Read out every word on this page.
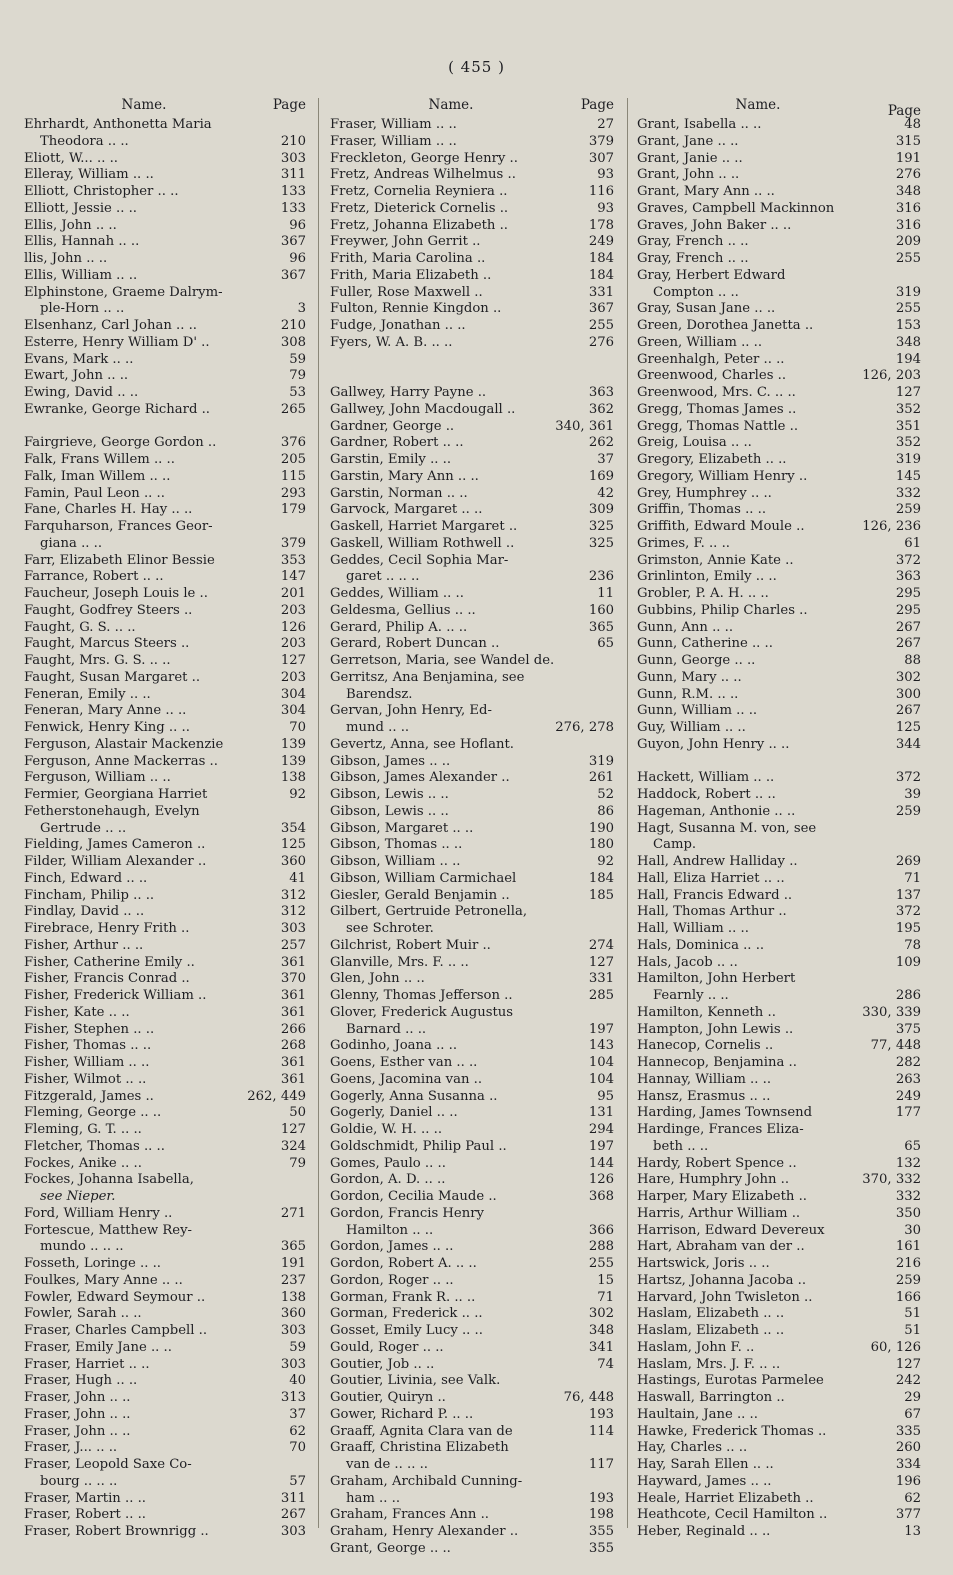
( 455 )
Name.	Page
Ehrhardt, Anthonetta Maria
Theodora .. ..	210
Eliott, W... .. ..	303
Elleray, William .. ..	311
Elliott, Christopher .. ..	133
Elliott, Jessie .. ..	133
Ellis, John .. ..	96
Ellis, Hannah .. ..	367
llis, John .. ..	96
Ellis, William .. ..	367
Elphinstone, Graeme Dalrym-
ple-Horn .. ..	3
Elsenhanz, Carl Johan .. ..	210
Esterre, Henry William D' ..	308
Evans, Mark .. ..	59
Ewart, John .. ..	79
Ewing, David .. ..	53
Ewranke, George Richard ..	265
Fairgrieve, George Gordon ..	376
Falk, Frans Willem .. ..	205
Falk, Iman Willem .. ..	115
Famin, Paul Leon .. ..	293
Fane, Charles H. Hay .. ..	179
Farquharson, Frances Geor-
giana .. ..	379
Farr, Elizabeth Elinor Bessie	353
Farrance, Robert .. ..	147
Faucheur, Joseph Louis le ..	201
Faught, Godfrey Steers ..	203
Faught, G. S. .. ..	126
Faught, Marcus Steers ..	203
Faught, Mrs. G. S. .. ..	127
Faught, Susan Margaret ..	203
Feneran, Emily .. ..	304
Feneran, Mary Anne .. ..	304
Fenwick, Henry King .. ..	70
Ferguson, Alastair Mackenzie	139
Ferguson, Anne Mackerras ..	139
Ferguson, William .. ..	138
Fermier, Georgiana Harriet	92
Fetherstonehaugh, Evelyn
Gertrude .. ..	354
Fielding, James Cameron ..	125
Filder, William Alexander ..	360
Finch, Edward .. ..	41
Fincham, Philip .. ..	312
Findlay, David .. ..	312
Firebrace, Henry Frith ..	303
Fisher, Arthur .. ..	257
Fisher, Catherine Emily ..	361
Fisher, Francis Conrad ..	370
Fisher, Frederick William ..	361
Fisher, Kate .. ..	361
Fisher, Stephen .. ..	266
Fisher, Thomas .. ..	268
Fisher, William .. ..	361
Fisher, Wilmot .. ..	361
Fitzgerald, James ..	262, 449
Fleming, George .. ..	50
Fleming, G. T. .. ..	127
Fletcher, Thomas .. ..	324
Fockes, Anike .. ..	79
Fockes, Johanna Isabella,
see Nieper.
Ford, William Henry ..	271
Fortescue, Matthew Rey-
mundo .. .. ..	365
Fosseth, Loringe .. ..	191
Foulkes, Mary Anne .. ..	237
Fowler, Edward Seymour ..	138
Fowler, Sarah .. ..	360
Fraser, Charles Campbell ..	303
Fraser, Emily Jane .. ..	59
Fraser, Harriet .. ..	303
Fraser, Hugh .. ..	40
Fraser, John .. ..	313
Fraser, John .. ..	37
Fraser, John .. ..	62
Fraser, J... .. ..	70
Fraser, Leopold Saxe Co-
bourg .. .. ..	57
Fraser, Martin .. ..	311
Fraser, Robert .. ..	267
Fraser, Robert Brownrigg ..	303
Name.	Page
Fraser, William .. ..	27
Fraser, William .. ..	379
Freckleton, George Henry ..	307
Fretz, Andreas Wilhelmus ..	93
Fretz, Cornelia Reyniera ..	116
Fretz, Dieterick Cornelis ..	93
Fretz, Johanna Elizabeth ..	178
Freywer, John Gerrit ..	249
Frith, Maria Carolina ..	184
Frith, Maria Elizabeth ..	184
Fuller, Rose Maxwell ..	331
Fulton, Rennie Kingdon ..	367
Fudge, Jonathan .. ..	255
Fyers, W. A. B. .. ..	276
Gallwey, Harry Payne ..	363
Gallwey, John Macdougall ..	362
Gardner, George ..	340, 361
Gardner, Robert .. ..	262
Garstin, Emily .. ..	37
Garstin, Mary Ann .. ..	169
Garstin, Norman .. ..	42
Garvock, Margaret .. ..	309
Gaskell, Harriet Margaret ..	325
Gaskell, William Rothwell ..	325
Geddes, Cecil Sophia Mar-
garet .. .. ..	236
Geddes, William .. ..	11
Geldesma, Gellius .. ..	160
Gerard, Philip A. .. ..	365
Gerard, Robert Duncan ..	65
Gerretson, Maria, see Wandel de.
Gerritsz, Ana Benjamina, see
Barendsz.
Gervan, John Henry, Ed-
mund .. ..	276, 278
Gevertz, Anna, see Hoflant.
Gibson, James .. ..	319
Gibson, James Alexander ..	261
Gibson, Lewis .. ..	52
Gibson, Lewis .. ..	86
Gibson, Margaret .. ..	190
Gibson, Thomas .. ..	180
Gibson, William .. ..	92
Gibson, William Carmichael	184
Giesler, Gerald Benjamin ..	185
Gilbert, Gertruide Petronella,
see Schroter.
Gilchrist, Robert Muir ..	274
Glanville, Mrs. F. .. ..	127
Glen, John .. ..	331
Glenny, Thomas Jefferson ..	285
Glover, Frederick Augustus
Barnard .. ..	197
Godinho, Joana .. ..	143
Goens, Esther van .. ..	104
Goens, Jacomina van ..	104
Gogerly, Anna Susanna ..	95
Gogerly, Daniel .. ..	131
Goldie, W. H. .. ..	294
Goldschmidt, Philip Paul ..	197
Gomes, Paulo .. ..	144
Gordon, A. D. .. ..	126
Gordon, Cecilia Maude ..	368
Gordon, Francis Henry
Hamilton .. ..	366
Gordon, James .. ..	288
Gordon, Robert A. .. ..	255
Gordon, Roger .. ..	15
Gorman, Frank R. .. ..	71
Gorman, Frederick .. ..	302
Gosset, Emily Lucy .. ..	348
Gould, Roger .. ..	341
Goutier, Job .. ..	74
Goutier, Livinia, see Valk.
Goutier, Quiryn ..	76, 448
Gower, Richard P. .. ..	193
Graaff, Agnita Clara van de	114
Graaff, Christina Elizabeth
van de .. .. ..	117
Graham, Archibald Cunning-
ham .. ..	193
Graham, Frances Ann ..	198
Graham, Henry Alexander ..	355
Grant, George .. ..	355
Name.	Page
Grant, Isabella .. ..	48
Grant, Jane .. ..	315
Grant, Janie .. ..	191
Grant, John .. ..	276
Grant, Mary Ann .. ..	348
Graves, Campbell Mackinnon	316
Graves, John Baker .. ..	316
Gray, French .. ..	209
Gray, French .. ..	255
Gray, Herbert Edward
Compton .. ..	319
Gray, Susan Jane .. ..	255
Green, Dorothea Janetta ..	153
Green, William .. ..	348
Greenhalgh, Peter .. ..	194
Greenwood, Charles ..	126, 203
Greenwood, Mrs. C. .. ..	127
Gregg, Thomas James ..	352
Gregg, Thomas Nattle ..	351
Greig, Louisa .. ..	352
Gregory, Elizabeth .. ..	319
Gregory, William Henry ..	145
Grey, Humphrey .. ..	332
Griffin, Thomas .. ..	259
Griffith, Edward Moule ..	126, 236
Grimes, F. .. ..	61
Grimston, Annie Kate ..	372
Grinlinton, Emily .. ..	363
Grobler, P. A. H. .. ..	295
Gubbins, Philip Charles ..	295
Gunn, Ann .. ..	267
Gunn, Catherine .. ..	267
Gunn, George .. ..	88
Gunn, Mary .. ..	302
Gunn, R.M. .. ..	300
Gunn, William .. ..	267
Guy, William .. ..	125
Guyon, John Henry .. ..	344
Hackett, William .. ..	372
Haddock, Robert .. ..	39
Hageman, Anthonie .. ..	259
Hagt, Susanna M. von, see
Camp.
Hall, Andrew Halliday ..	269
Hall, Eliza Harriet .. ..	71
Hall, Francis Edward ..	137
Hall, Thomas Arthur ..	372
Hall, William .. ..	195
Hals, Dominica .. ..	78
Hals, Jacob .. ..	109
Hamilton, John Herbert
Fearnly .. ..	286
Hamilton, Kenneth ..	330, 339
Hampton, John Lewis ..	375
Hanecop, Cornelis ..	77, 448
Hannecop, Benjamina ..	282
Hannay, William .. ..	263
Hansz, Erasmus .. ..	249
Harding, James Townsend	177
Hardinge, Frances Eliza-
beth .. ..	65
Hardy, Robert Spence ..	132
Hare, Humphry John ..	370, 332
Harper, Mary Elizabeth ..	332
Harris, Arthur William ..	350
Harrison, Edward Devereux	30
Hart, Abraham van der ..	161
Hartswick, Joris .. ..	216
Hartsz, Johanna Jacoba ..	259
Harvard, John Twisleton ..	166
Haslam, Elizabeth .. ..	51
Haslam, Elizabeth .. ..	51
Haslam, John F. ..	60, 126
Haslam, Mrs. J. F. .. ..	127
Hastings, Eurotas Parmelee	242
Haswall, Barrington ..	29
Haultain, Jane .. ..	67
Hawke, Frederick Thomas ..	335
Hay, Charles .. ..	260
Hay, Sarah Ellen .. ..	334
Hayward, James .. ..	196
Heale, Harriet Elizabeth ..	62
Heathcote, Cecil Hamilton ..	377
Heber, Reginald .. ..	13
